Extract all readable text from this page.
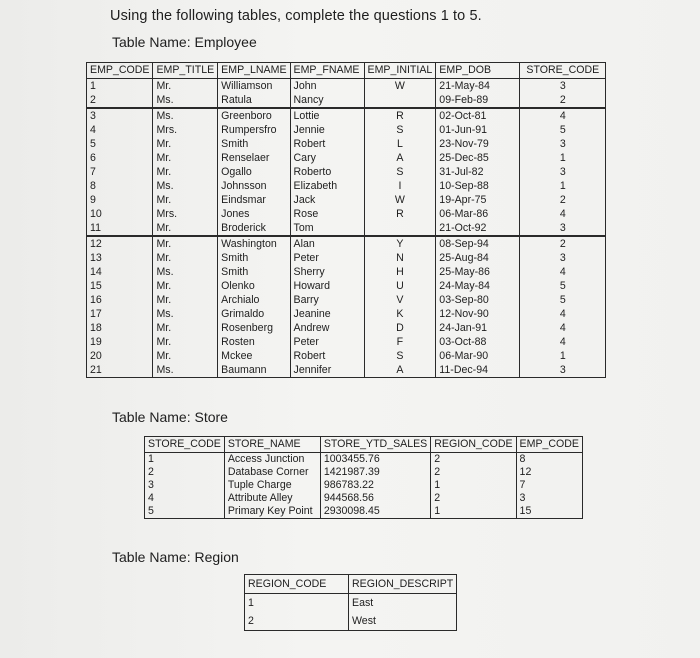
Using the following tables, complete the questions 1 to 5.
Table Name: Employee
EMP_CODE	EMP_TITLE	EMP_LNAME	EMP_FNAME	EMP_INITIAL	EMP_DOB	STORE_CODE
1	Mr.	Williamson	John	W	21-May-84	3
2	Ms.	Ratula	Nancy		09-Feb-89	2
3	Ms.	Greenboro	Lottie	R	02-Oct-81	4
4	Mrs.	Rumpersfro	Jennie	S	01-Jun-91	5
5	Mr.	Smith	Robert	L	23-Nov-79	3
6	Mr.	Renselaer	Cary	A	25-Dec-85	1
7	Mr.	Ogallo	Roberto	S	31-Jul-82	3
8	Ms.	Johnsson	Elizabeth	I	10-Sep-88	1
9	Mr.	Eindsmar	Jack	W	19-Apr-75	2
10	Mrs.	Jones	Rose	R	06-Mar-86	4
11	Mr.	Broderick	Tom		21-Oct-92	3
12	Mr.	Washington	Alan	Y	08-Sep-94	2
13	Mr.	Smith	Peter	N	25-Aug-84	3
14	Ms.	Smith	Sherry	H	25-May-86	4
15	Mr.	Olenko	Howard	U	24-May-84	5
16	Mr.	Archialo	Barry	V	03-Sep-80	5
17	Ms.	Grimaldo	Jeanine	K	12-Nov-90	4
18	Mr.	Rosenberg	Andrew	D	24-Jan-91	4
19	Mr.	Rosten	Peter	F	03-Oct-88	4
20	Mr.	Mckee	Robert	S	06-Mar-90	1
21	Ms.	Baumann	Jennifer	A	11-Dec-94	3
Table Name: Store
STORE_CODE	STORE_NAME	STORE_YTD_SALES	REGION_CODE	EMP_CODE
1	Access Junction	1003455.76	2	8
2	Database Corner	1421987.39	2	12
3	Tuple Charge	986783.22	1	7
4	Attribute Alley	944568.56	2	3
5	Primary Key Point	2930098.45	1	15
Table Name: Region
REGION_CODE	REGION_DESCRIPT
1	East
2	West
